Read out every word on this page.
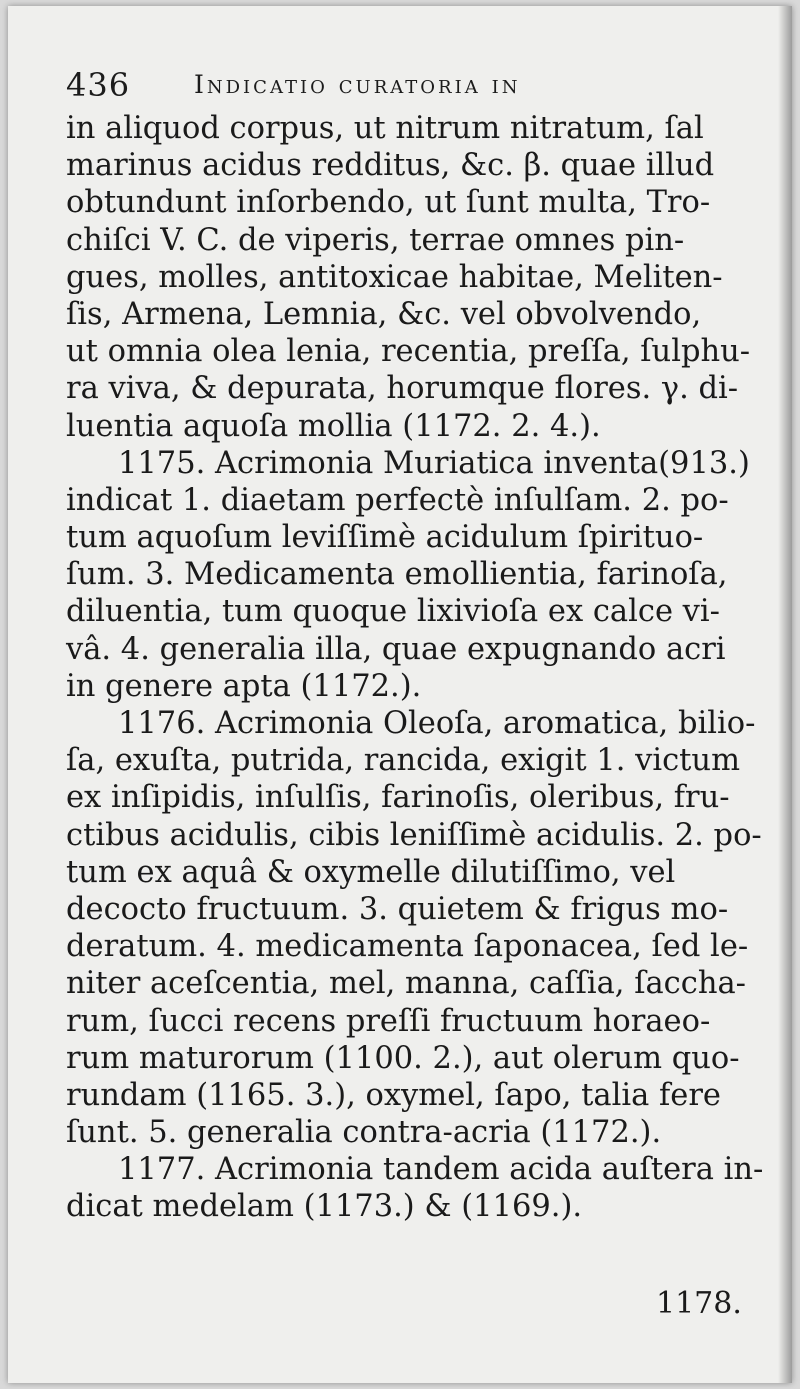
436	Indicatio curatoria in
in aliquod corpus, ut nitrum nitratum, ſal
marinus acidus redditus, &c. β. quae illud
obtundunt inſorbendo, ut ſunt multa, Tro-
chiſci V. C. de viperis, terrae omnes pin-
gues, molles, antitoxicae habitae, Meliten-
ſis, Armena, Lemnia, &c. vel obvolvendo,
ut omnia olea lenia, recentia, preſſa, ſulphu-
ra viva, & depurata, horumque flores. γ. di-
luentia aquoſa mollia (1172. 2. 4.).
1175. Acrimonia Muriatica inventa(913.)
indicat 1. diaetam perfectè inſulſam. 2. po-
tum aquoſum leviſſimè acidulum ſpirituo-
ſum. 3. Medicamenta emollientia, farinoſa,
diluentia, tum quoque lixivioſa ex calce vi-
vâ. 4. generalia illa, quae expugnando acri
in genere apta (1172.).
1176. Acrimonia Oleoſa, aromatica, bilio-
ſa, exuſta, putrida, rancida, exigit 1. victum
ex inſipidis, inſulſis, farinoſis, oleribus, fru-
ctibus acidulis, cibis leniſſimè acidulis. 2. po-
tum ex aquâ & oxymelle dilutiſſimo, vel
decocto fructuum. 3. quietem & frigus mo-
deratum. 4. medicamenta ſaponacea, ſed le-
niter aceſcentia, mel, manna, caſſia, ſaccha-
rum, ſucci recens preſſi fructuum horaeo-
rum maturorum (1100. 2.), aut olerum quo-
rundam (1165. 3.), oxymel, ſapo, talia fere
ſunt. 5. generalia contra-acria (1172.).
1177. Acrimonia tandem acida auſtera in-
dicat medelam (1173.) & (1169.).
1178.
